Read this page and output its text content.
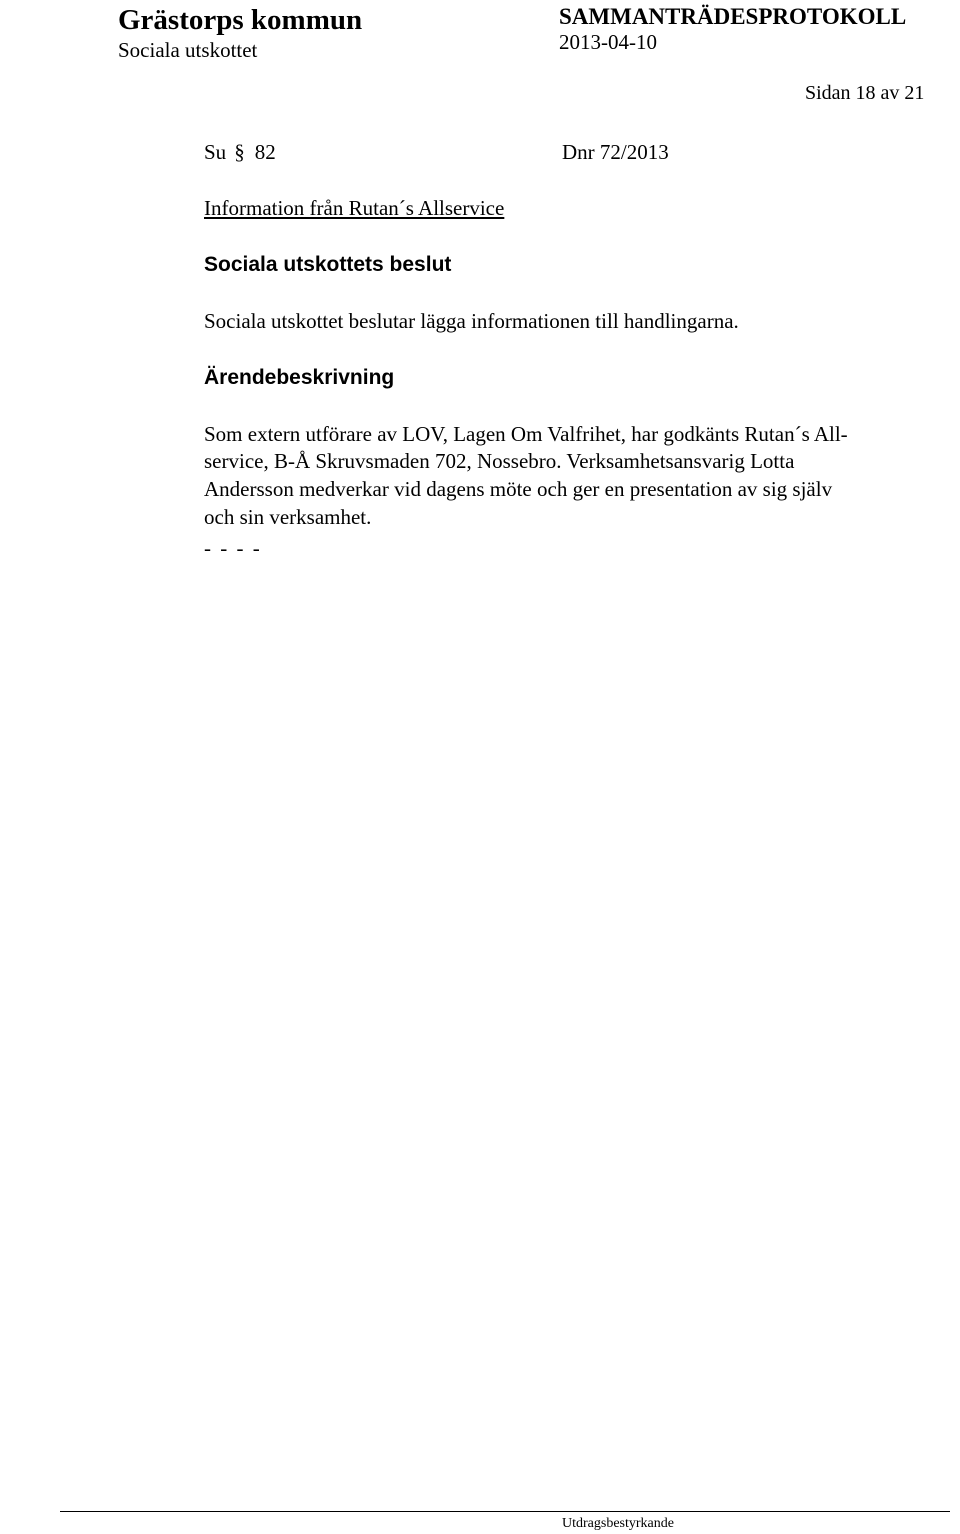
Grästorps kommun	SAMMANTRÄDESPROTOKOLL
Sociala utskottet	2013-04-10
Sidan 18 av 21
Su § 82	Dnr 72/2013
Information från Rutan´s Allservice
Sociala utskottets beslut
Sociala utskottet beslutar lägga informationen till handlingarna.
Ärendebeskrivning
Som extern utförare av LOV, Lagen Om Valfrihet, har godkänts Rutan´s All-
service, B-Å Skruvsmaden 702, Nossebro. Verksamhetsansvarig Lotta
Andersson medverkar vid dagens möte och ger en presentation av sig själv
och sin verksamhet.
- - - -
Utdragsbestyrkande
